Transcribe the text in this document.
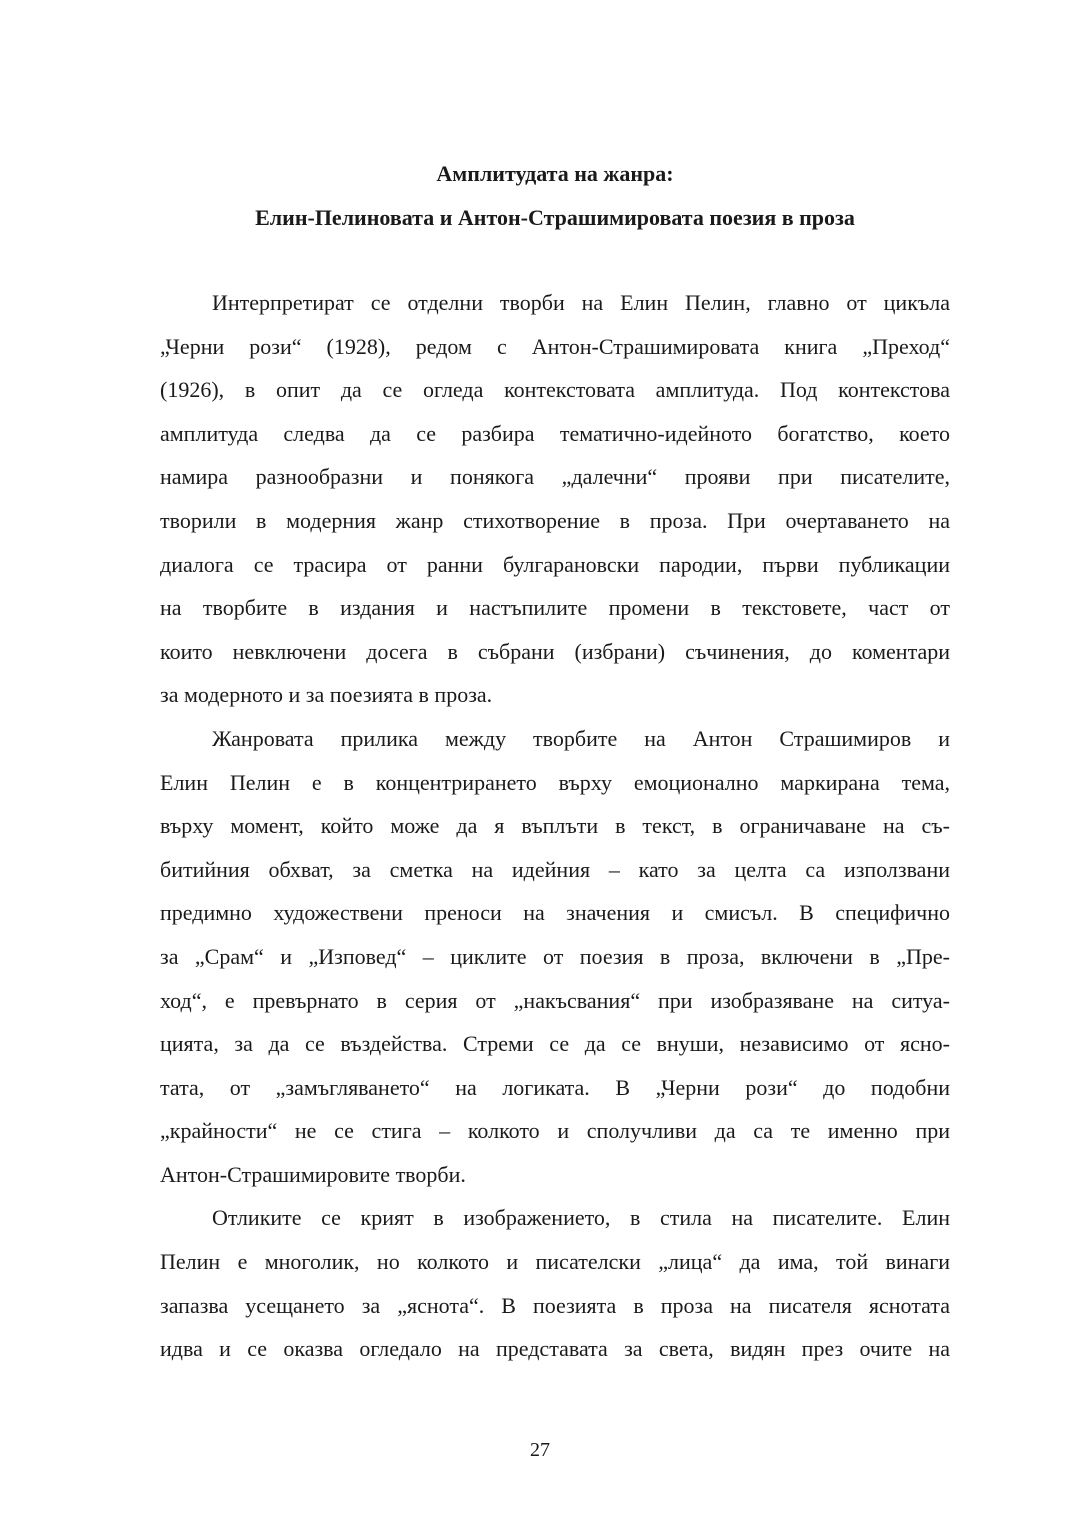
Амплитудата на жанра:
Елин-Пелиновата и Антон-Страшимировата поезия в проза

Интерпретират се отделни творби на Елин Пелин, главно от цикъла
„Черни рози“ (1928), редом с Антон-Страшимировата книга „Преход“
(1926), в опит да се огледа контекстовата амплитуда. Под контекстова
амплитуда следва да се разбира тематично-идейното богатство, което
намира разнообразни и понякога „далечни“ прояви при писателите,
творили в модерния жанр стихотворение в проза. При очертаването на
диалога се трасира от ранни булгарановски пародии, първи публикации
на творбите в издания и настъпилите промени в текстовете, част от
които невключени досега в събрани (избрани) съчинения, до коментари
за модерното и за поезията в проза.

Жанровата прилика между творбите на Антон Страшимиров и
Елин Пелин е в концентрирането върху емоционално маркирана тема,
върху момент, който може да я въплъти в текст, в ограничаване на съ-
битийния обхват, за сметка на идейния – като за целта са използвани
предимно художествени преноси на значения и смисъл. В специфично
за „Срам“ и „Изповед“ – циклите от поезия в проза, включени в „Пре-
ход“, е превърнато в серия от „накъсвания“ при изобразяване на ситуа-
цията, за да се въздейства. Стреми се да се внуши, независимо от ясно-
тата, от „замъгляването“ на логиката. В „Черни рози“ до подобни
„крайности“ не се стига – колкото и сполучливи да са те именно при
Антон-Страшимировите творби.

Отликите се крият в изображението, в стила на писателите. Елин
Пелин е многолик, но колкото и писателски „лица“ да има, той винаги
запазва усещането за „яснота“. В поезията в проза на писателя яснотата
идва и се оказва огледало на представата за света, видян през очите на

27
